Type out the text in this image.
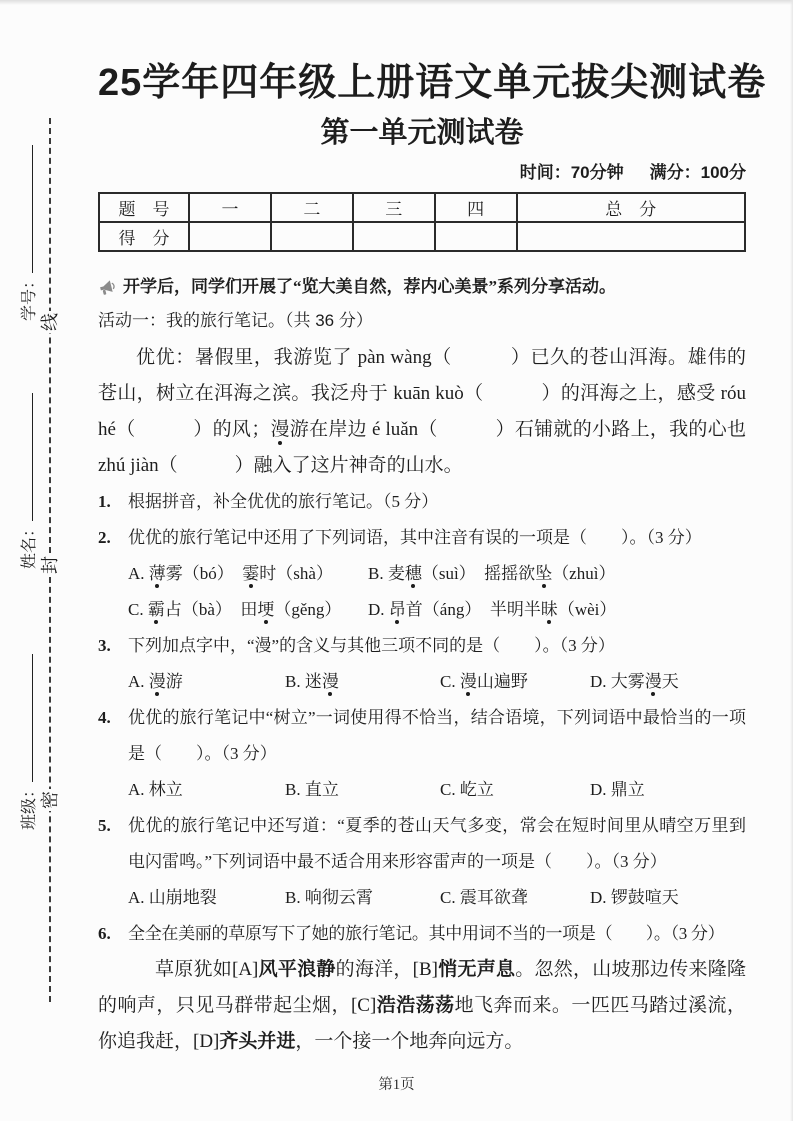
学号：
姓名：
班级：
线
封
密
25学年四年级上册语文单元拔尖测试卷
第一单元测试卷
时间：70分钟 满分：100分
题　号	一	二	三	四	总　分
得　分					
开学后，同学们开展了“览大美自然，荐内心美景”系列分享活动。
活动一：我的旅行笔记。（共 36 分）
优优：暑假里，我游览了 pàn wàng（　　　）已久的苍山洱海。雄伟的苍山，树立在洱海之滨。我泛舟于 kuān kuò（　　　）的洱海之上，感受 róu hé（　　　）的风；漫游在岸边 é luǎn（　　　）石铺就的小路上，我的心也 zhú jiàn（　　　）融入了这片神奇的山水。
1.	根据拼音，补全优优的旅行笔记。（5 分）
2.	优优的旅行笔记中还用了下列词语，其中注音有误的一项是（　　）。（3 分）
A. 薄雾（bó）　霎时（shà）	B. 麦穗（suì）　摇摇欲坠（zhuì）
C. 霸占（bà）　田埂（gěng）	D. 昂首（áng）　半明半昧（wèi）
3.	下列加点字中，“漫”的含义与其他三项不同的是（　　）。（3 分）
A. 漫游	B. 迷漫	C. 漫山遍野	D. 大雾漫天
4.	优优的旅行笔记中“树立”一词使用得不恰当，结合语境，下列词语中最恰当的一项是（　　）。（3 分）
A. 林立	B. 直立	C. 屹立	D. 鼎立
5.	优优的旅行笔记中还写道：“夏季的苍山天气多变，常会在短时间里从晴空万里到电闪雷鸣。”下列词语中最不适合用来形容雷声的一项是（　　）。（3 分）
A. 山崩地裂	B. 响彻云霄	C. 震耳欲聋	D. 锣鼓喧天
6.	全全在美丽的草原写下了她的旅行笔记。其中用词不当的一项是（　　）。（3 分）
草原犹如[A]风平浪静的海洋，[B]悄无声息。忽然，山坡那边传来隆隆的响声，只见马群带起尘烟，[C]浩浩荡荡地飞奔而来。一匹匹马踏过溪流，你追我赶，[D]齐头并进，一个接一个地奔向远方。
第1页
